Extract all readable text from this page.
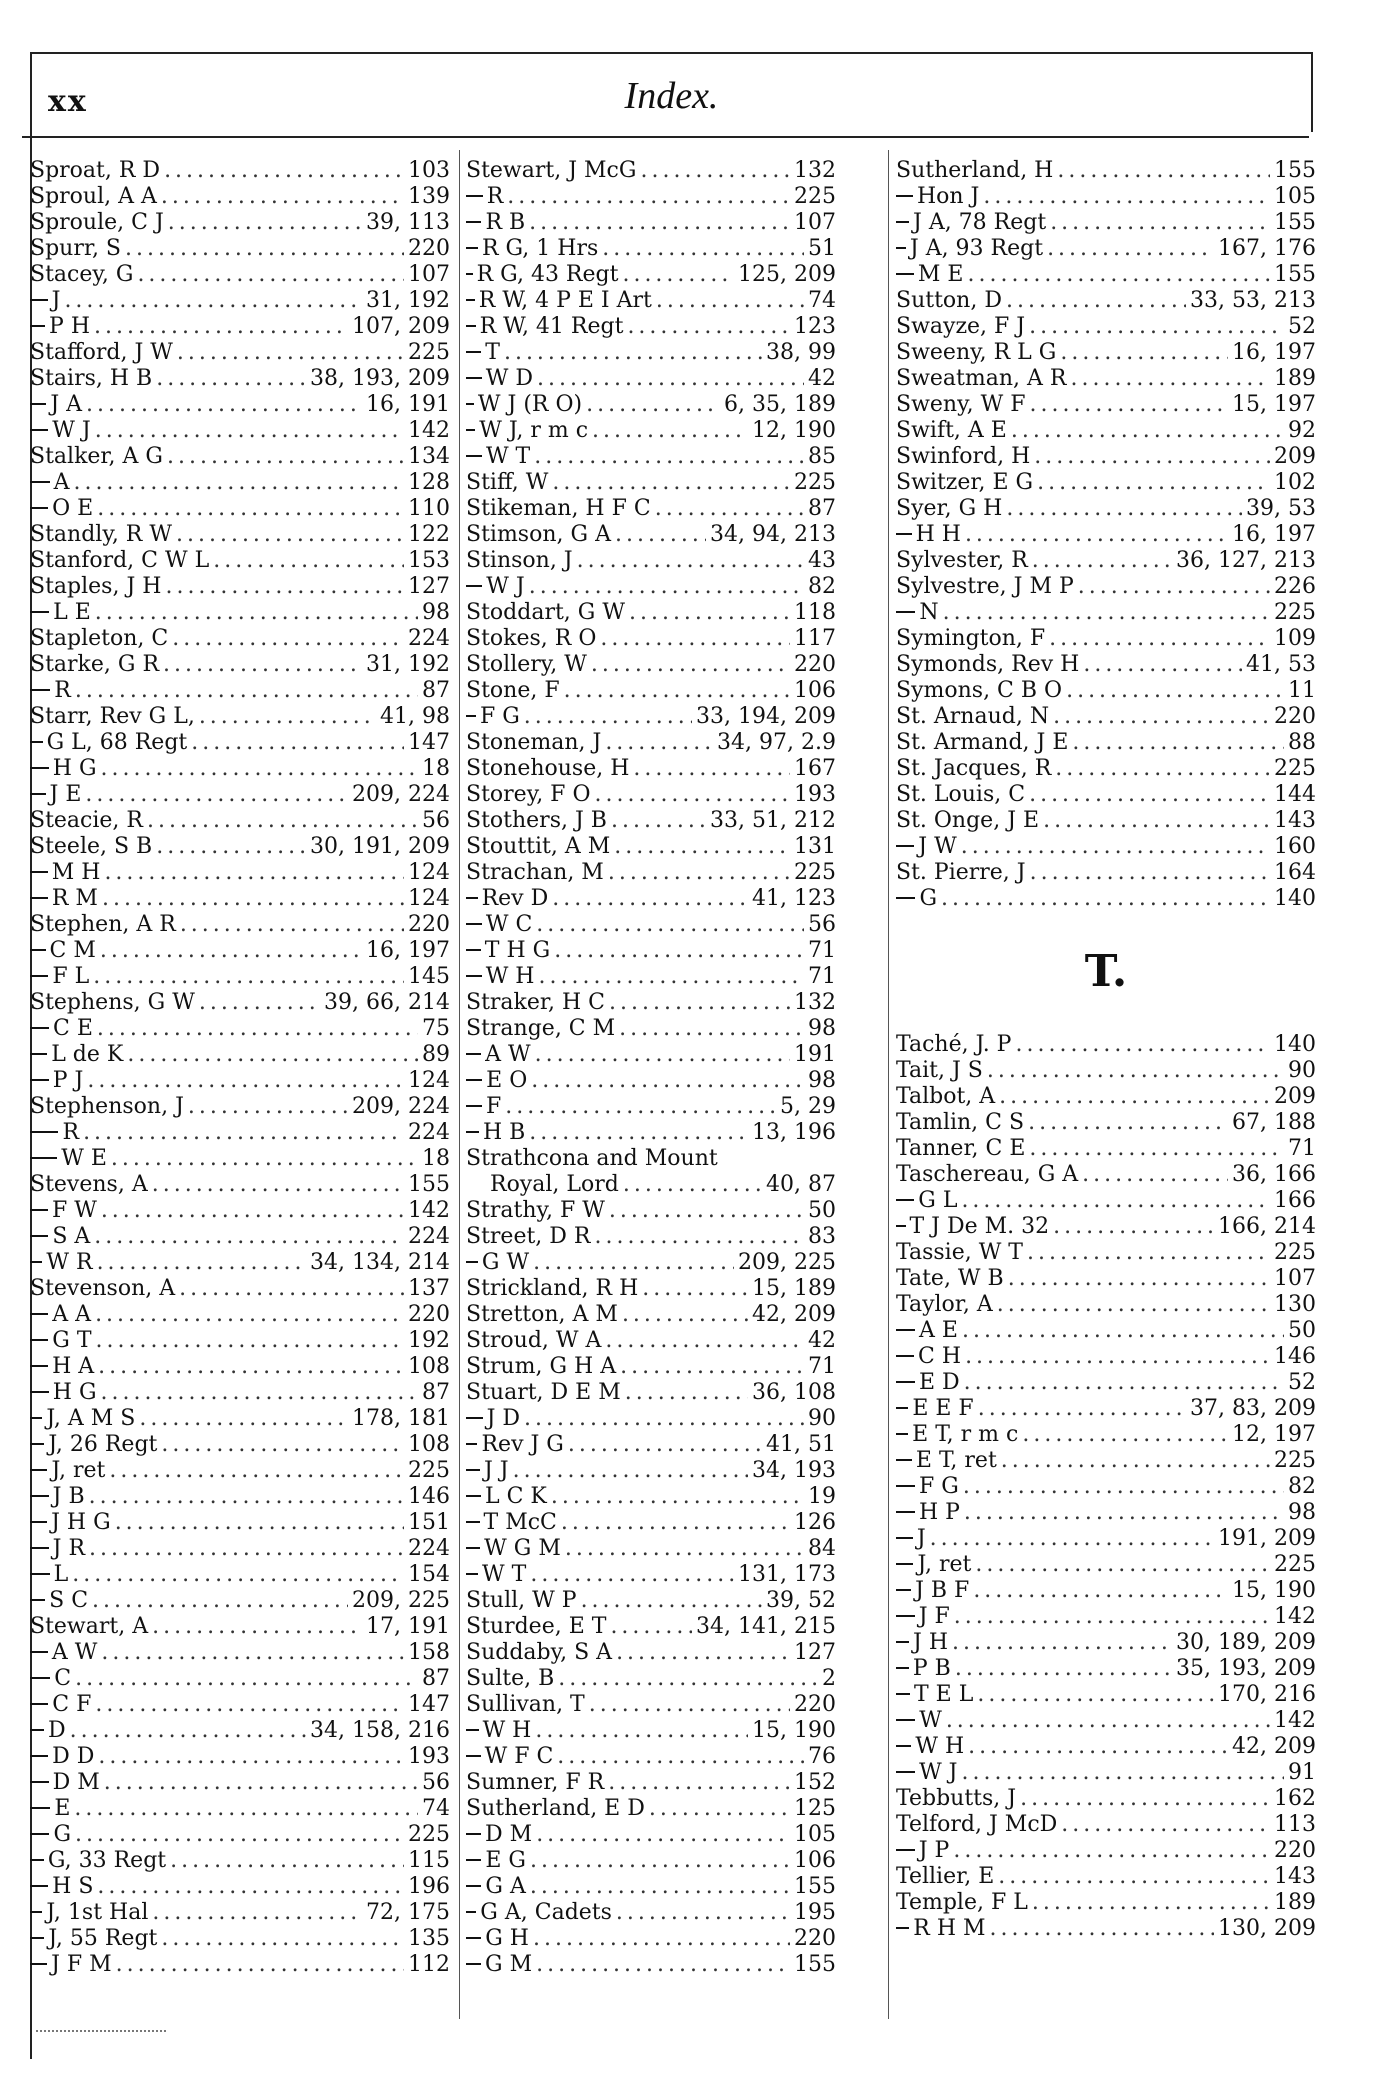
xx	Index.
Sproat, R D .....	103
Sproul, A A .....	139
Sproule, C J .....	39, 113
Spurr, S .....	220
Stacey, G .....	107
J .....	31, 192
P H .....	107, 209
Stafford, J W .....	225
Stairs, H B .....	38, 193, 209
J A .....	16, 191
W J .....	142
Stalker, A G .....	134
A .....	128
O E .....	110
Standly, R W .....	122
Stanford, C W L .....	153
Staples, J H .....	127
L E .....	98
Stapleton, C .....	224
Starke, G R .....	31, 192
R .....	87
Starr, Rev G L, .....	41, 98
G L, 68 Regt .....	147
H G .....	18
J E .....	209, 224
Steacie, R .....	56
Steele, S B .....	30, 191, 209
M H .....	124
R M .....	124
Stephen, A R .....	220
C M .....	16, 197
F L .....	145
Stephens, G W .....	39, 66, 214
C E .....	75
L de K .....	89
P J .....	124
Stephenson, J .....	209, 224
R .....	224
W E .....	18
Stevens, A .....	155
F W .....	142
S A .....	224
W R .....	34, 134, 214
Stevenson, A .....	137
A A .....	220
G T .....	192
H A .....	108
H G .....	87
J, A M S .....	178, 181
J, 26 Regt .....	108
J, ret .....	225
J B .....	146
J H G .....	151
J R .....	224
L .....	154
S C .....	209, 225
Stewart, A .....	17, 191
A W .....	158
C .....	87
C F .....	147
D .....	34, 158, 216
D D .....	193
D M .....	56
E .....	74
G .....	225
G, 33 Regt .....	115
H S .....	196
J, 1st Hal .....	72, 175
J, 55 Regt .....	135
J F M .....	112
Stewart, J McG .....	132
R .....	225
R B .....	107
R G, 1 Hrs .....	51
R G, 43 Regt .....	125, 209
R W, 4 P E I Art .....	74
R W, 41 Regt .....	123
T .....	38, 99
W D .....	42
W J (R O) .....	6, 35, 189
W J, r m c .....	12, 190
W T .....	85
Stiff, W .....	225
Stikeman, H F C .....	87
Stimson, G A .....	34, 94, 213
Stinson, J .....	43
W J .....	82
Stoddart, G W .....	118
Stokes, R O .....	117
Stollery, W .....	220
Stone, F .....	106
F G .....	33, 194, 209
Stoneman, J .....	34, 97, 2.9
Stonehouse, H .....	167
Storey, F O .....	193
Stothers, J B .....	33, 51, 212
Stouttit, A M .....	131
Strachan, M .....	225
Rev D .....	41, 123
W C .....	56
T H G .....	71
W H .....	71
Straker, H C .....	132
Strange, C M .....	98
A W .....	191
E O .....	98
F .....	5, 29
H B .....	13, 196
Strathcona and Mount
Royal, Lord .....	40, 87
Strathy, F W .....	50
Street, D R .....	83
G W .....	209, 225
Strickland, R H .....	15, 189
Stretton, A M .....	42, 209
Stroud, W A .....	42
Strum, G H A .....	71
Stuart, D E M .....	36, 108
J D .....	90
Rev J G .....	41, 51
J J .....	34, 193
L C K .....	19
T McC .....	126
W G M .....	84
W T .....	131, 173
Stull, W P .....	39, 52
Sturdee, E T .....	34, 141, 215
Suddaby, S A .....	127
Sulte, B .....	2
Sullivan, T .....	220
W H .....	15, 190
W F C .....	76
Sumner, F R .....	152
Sutherland, E D .....	125
D M .....	105
E G .....	106
G A .....	155
G A, Cadets .....	195
G H .....	220
G M .....	155
Sutherland, H .....	155
Hon J .....	105
J A, 78 Regt .....	155
J A, 93 Regt .....	167, 176
M E .....	155
Sutton, D .....	33, 53, 213
Swayze, F J .....	52
Sweeny, R L G .....	16, 197
Sweatman, A R .....	189
Sweny, W F .....	15, 197
Swift, A E .....	92
Swinford, H .....	209
Switzer, E G .....	102
Syer, G H .....	39, 53
H H .....	16, 197
Sylvester, R .....	36, 127, 213
Sylvestre, J M P .....	226
N .....	225
Symington, F .....	109
Symonds, Rev H .....	41, 53
Symons, C B O .....	11
St. Arnaud, N .....	220
St. Armand, J E .....	88
St. Jacques, R .....	225
St. Louis, C .....	144
St. Onge, J E .....	143
J W .....	160
St. Pierre, J .....	164
G .....	140
T.
Taché, J. P .....	140
Tait, J S .....	90
Talbot, A .....	209
Tamlin, C S .....	67, 188
Tanner, C E .....	71
Taschereau, G A .....	36, 166
G L .....	166
T J De M. 32 .....	166, 214
Tassie, W T .....	225
Tate, W B .....	107
Taylor, A .....	130
A E .....	50
C H .....	146
E D .....	52
E E F .....	37, 83, 209
E T, r m c .....	12, 197
E T, ret .....	225
F G .....	82
H P .....	98
J .....	191, 209
J, ret .....	225
J B F .....	15, 190
J F .....	142
J H .....	30, 189, 209
P B .....	35, 193, 209
T E L .....	170, 216
W .....	142
W H .....	42, 209
W J .....	91
Tebbutts, J .....	162
Telford, J McD .....	113
J P .....	220
Tellier, E .....	143
Temple, F L .....	189
R H M .....	130, 209
